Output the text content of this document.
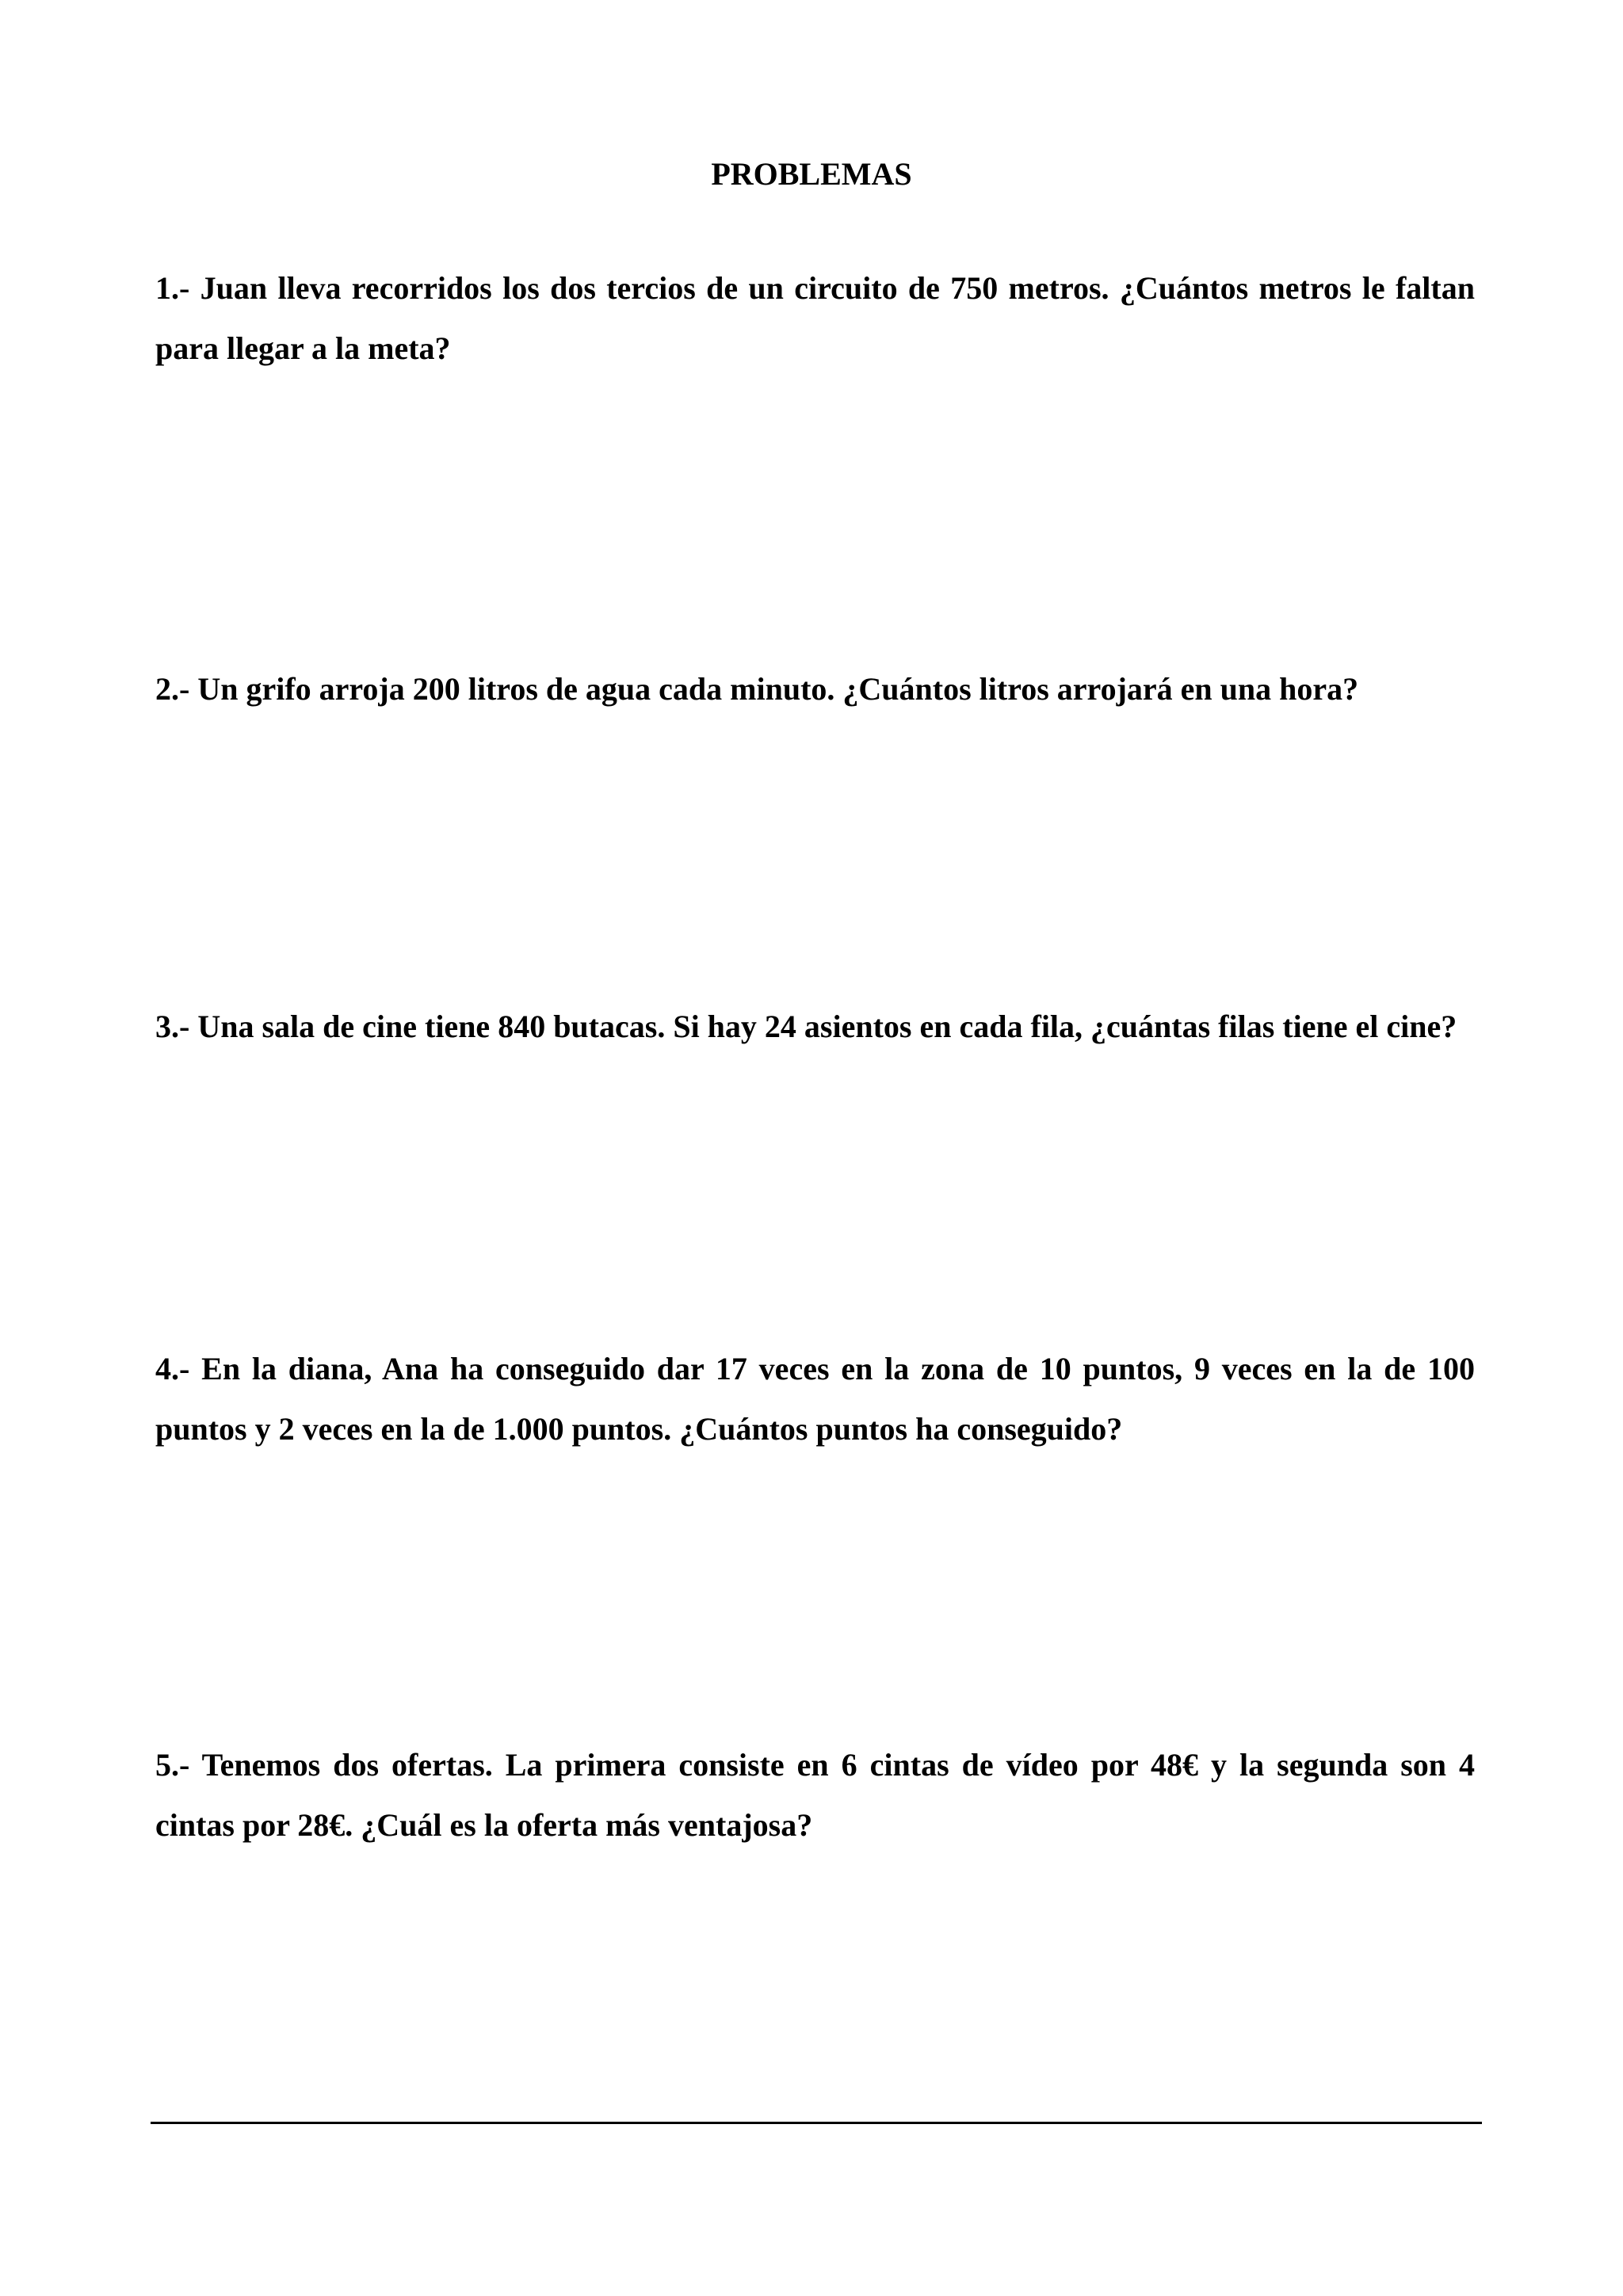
PROBLEMAS

1.- Juan lleva recorridos los dos tercios de un circuito de 750 metros. ¿Cuántos metros le faltan para llegar a la meta?

2.- Un grifo arroja 200 litros de agua cada minuto. ¿Cuántos litros arrojará en una hora?

3.- Una sala de cine tiene 840 butacas. Si hay 24 asientos en cada fila, ¿cuántas filas tiene el cine?

4.- En la diana, Ana ha conseguido dar 17 veces en la zona de 10 puntos, 9 veces en la de 100 puntos y 2 veces en la de 1.000 puntos. ¿Cuántos puntos ha conseguido?

5.- Tenemos dos ofertas. La primera consiste en 6 cintas de vídeo por 48€ y la segunda son 4 cintas por 28€. ¿Cuál es la oferta más ventajosa?
